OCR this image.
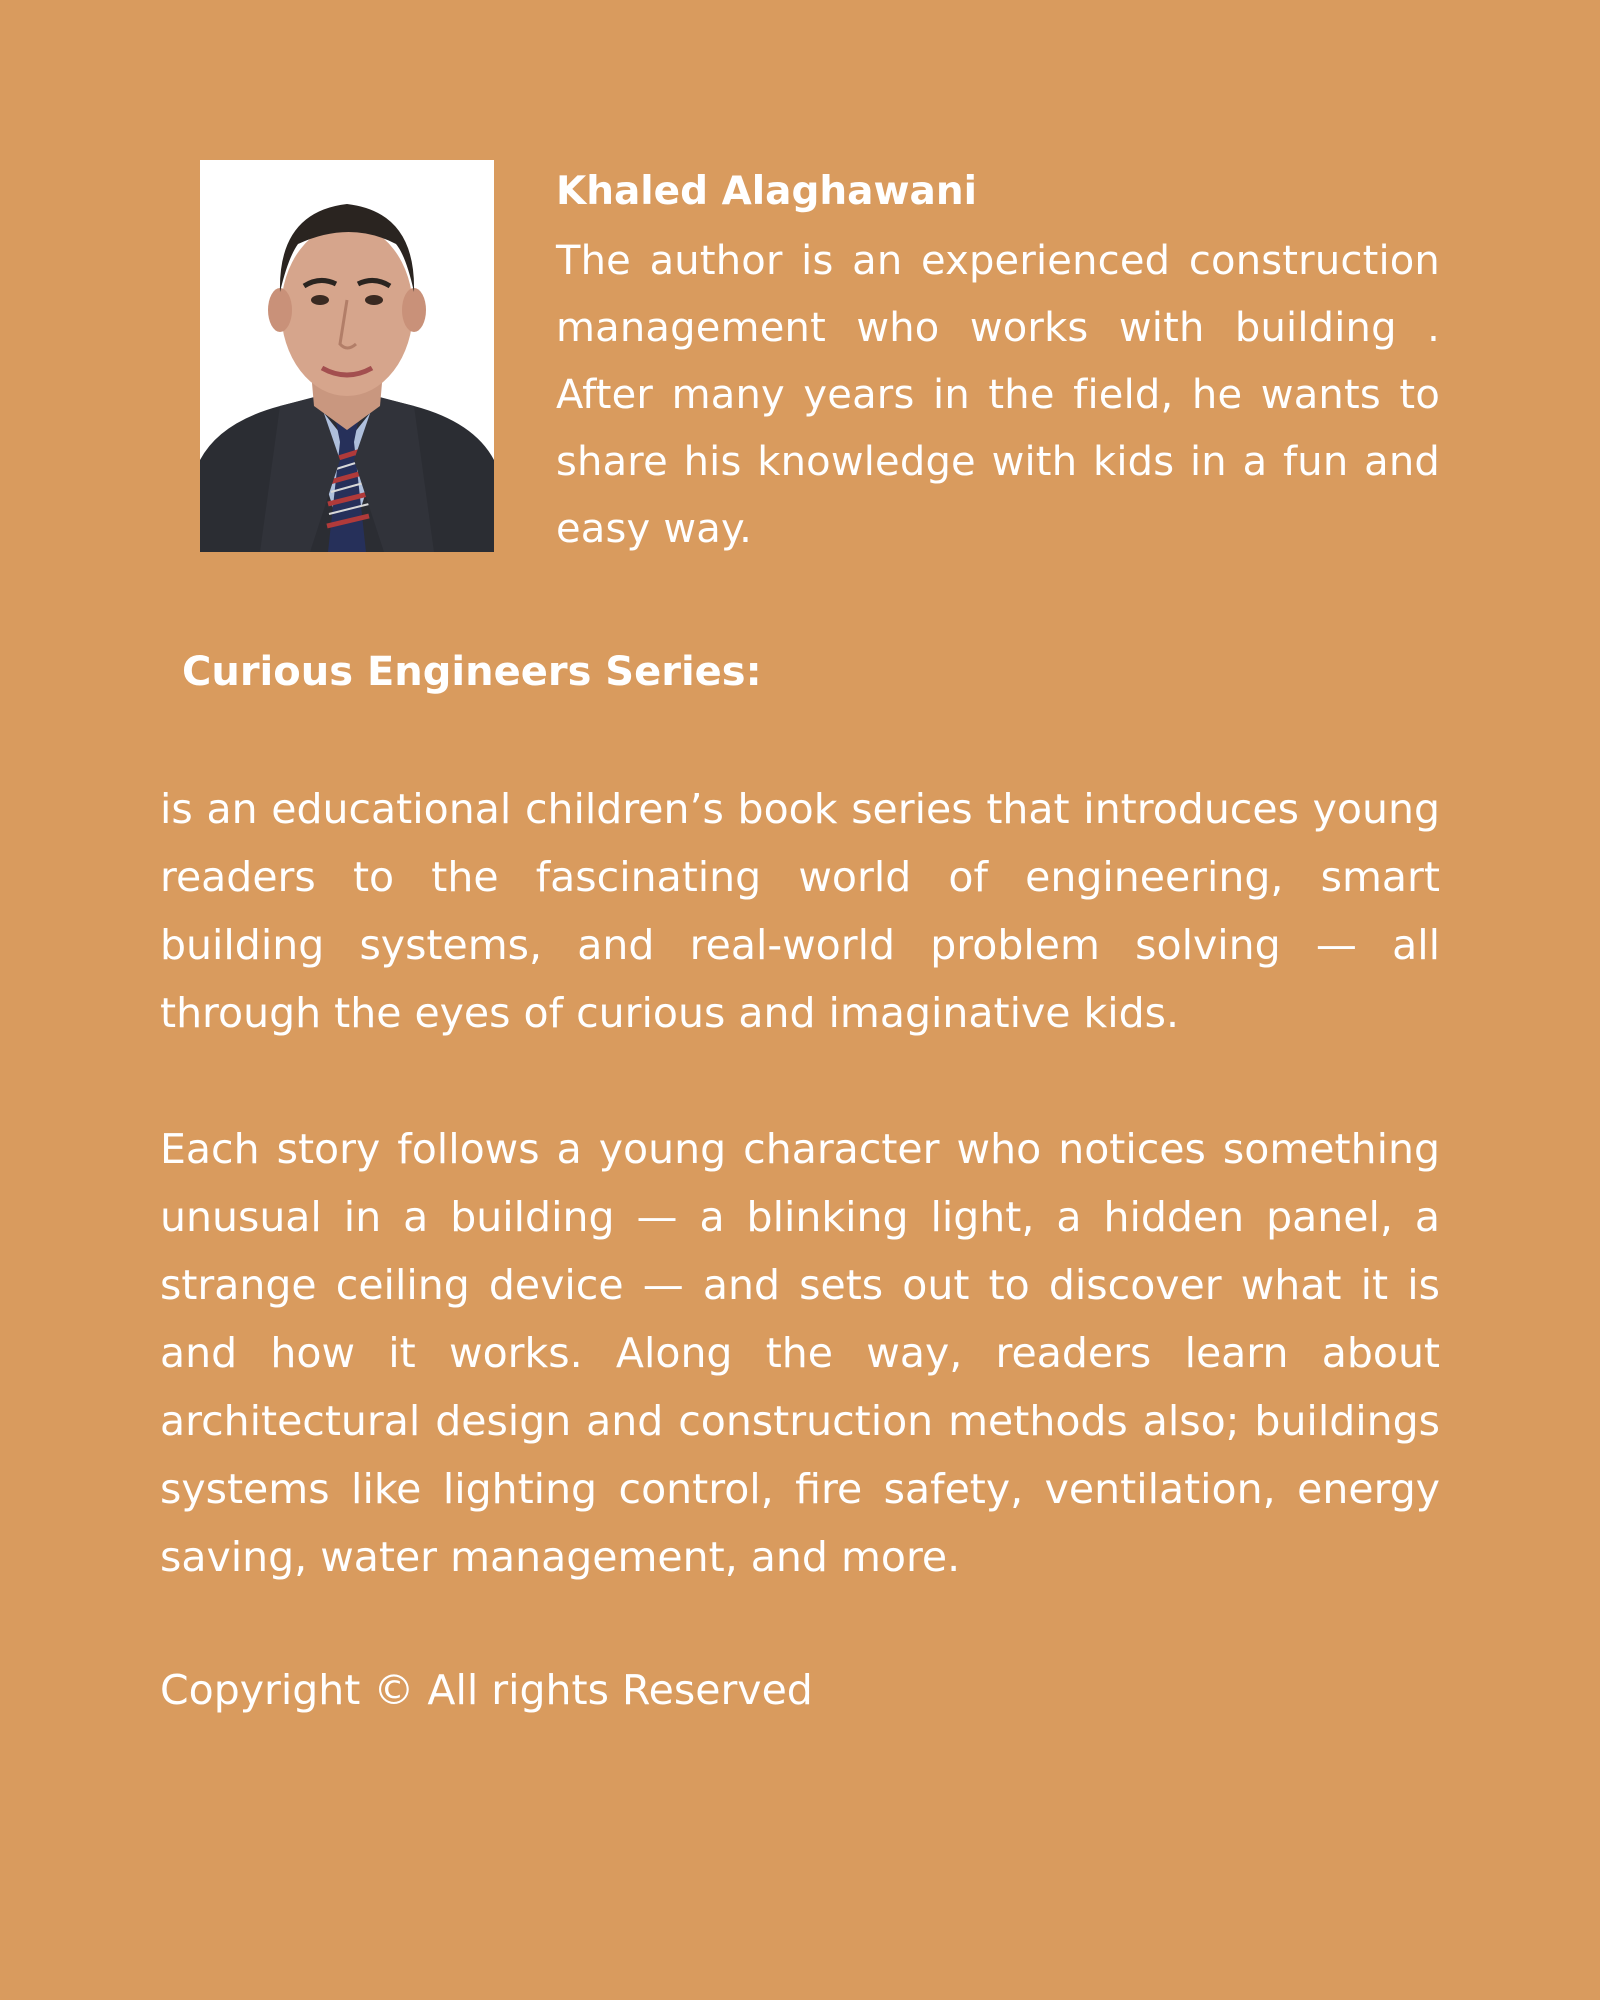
Khaled Alaghawani

The author is an experienced construction management who works with building . After many years in the field, he wants to share his knowledge with kids in a fun and easy way.

Curious Engineers Series:

is an educational children’s book series that introduces young readers to the fascinating world of engineering, smart building systems, and real-world problem solving — all through the eyes of curious and imaginative kids.

Each story follows a young character who notices something unusual in a building — a blinking light, a hidden panel, a strange ceiling device — and sets out to discover what it is and how it works. Along the way, readers learn about architectural design and construction methods also; buildings systems like lighting control, fire safety, ventilation, energy saving, water management, and more.

Copyright © All rights Reserved
